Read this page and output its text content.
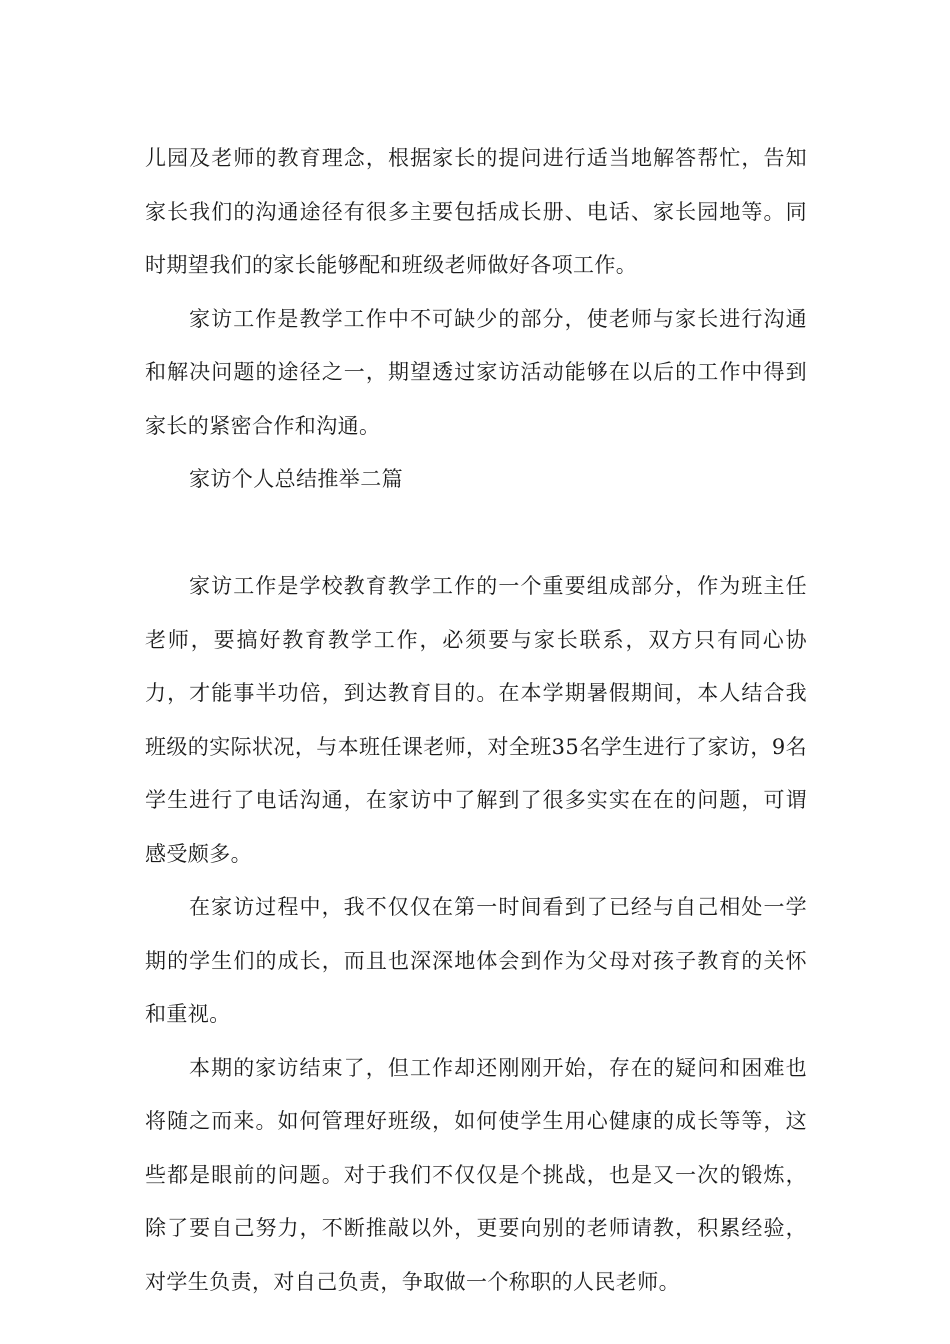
儿园及老师的教育理念，根据家长的提问进行适当地解答帮忙，告知家长我们的沟通途径有很多主要包括成长册、电话、家长园地等。同时期望我们的家长能够配和班级老师做好各项工作。

家访工作是教学工作中不可缺少的部分，使老师与家长进行沟通和解决问题的途径之一，期望透过家访活动能够在以后的工作中得到家长的紧密合作和沟通。

家访个人总结推举二篇

家访工作是学校教育教学工作的一个重要组成部分，作为班主任老师，要搞好教育教学工作，必须要与家长联系，双方只有同心协力，才能事半功倍，到达教育目的。在本学期暑假期间，本人结合我班级的实际状况，与本班任课老师，对全班35名学生进行了家访，9名学生进行了电话沟通，在家访中了解到了很多实实在在的问题，可谓感受颇多。

在家访过程中，我不仅仅在第一时间看到了已经与自己相处一学期的学生们的成长，而且也深深地体会到作为父母对孩子教育的关怀和重视。

本期的家访结束了，但工作却还刚刚开始，存在的疑问和困难也将随之而来。如何管理好班级，如何使学生用心健康的成长等等，这些都是眼前的问题。对于我们不仅仅是个挑战，也是又一次的锻炼，除了要自己努力，不断推敲以外，更要向别的老师请教，积累经验，对学生负责，对自己负责，争取做一个称职的人民老师。
